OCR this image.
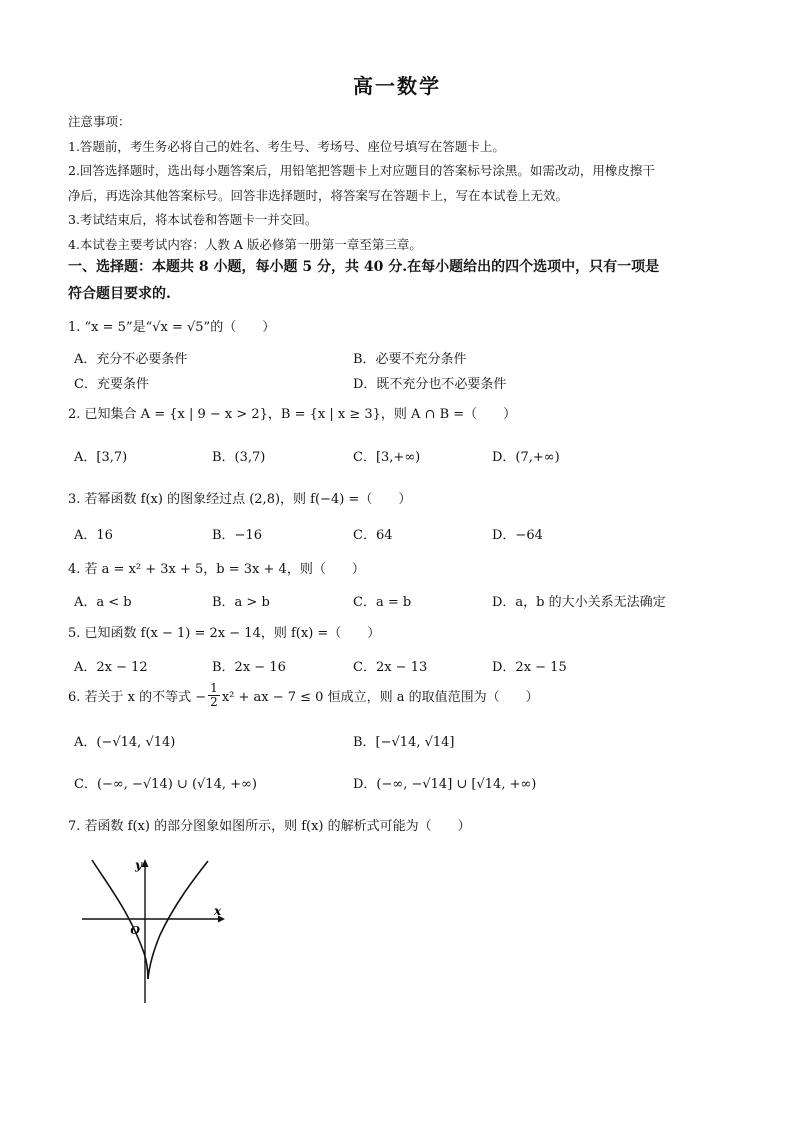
高一数学
注意事项：
1.答题前，考生务必将自己的姓名、考生号、考场号、座位号填写在答题卡上。
2.回答选择题时，选出每小题答案后，用铅笔把答题卡上对应题目的答案标号涂黑。如需改动，用橡皮擦干
净后，再选涂其他答案标号。回答非选择题时，将答案写在答题卡上，写在本试卷上无效。
3.考试结束后，将本试卷和答题卡一并交回。
4.本试卷主要考试内容：人教 A 版必修第一册第一章至第三章。
一、选择题：本题共 8 小题，每小题 5 分，共 40 分.在每小题给出的四个选项中，只有一项是
符合题目要求的.
1. “x = 5”是“√x = √5”的（　　）
A．充分不必要条件	B．必要不充分条件
C．充要条件	D．既不充分也不必要条件
2. 已知集合 A = {x | 9 − x > 2}，B = {x | x ≥ 3}，则 A ∩ B =（　　）
A．[3,7)	B．(3,7)	C．[3,+∞)	D．(7,+∞)
3. 若幂函数 f(x) 的图象经过点 (2,8)，则 f(−4) =（　　）
A．16	B．−16	C．64	D．−64
4. 若 a = x² + 3x + 5，b = 3x + 4，则（　　）
A．a < b	B．a > b	C．a = b	D．a，b 的大小关系无法确定
5. 已知函数 f(x − 1) = 2x − 14，则 f(x) =（　　）
A．2x − 12	B．2x − 16	C．2x − 13	D．2x − 15
6. 若关于 x 的不等式 − $\frac{1}{2} x^2$ + ax − 7 ≤ 0 恒成立，则 a 的取值范围为（　　）
A．(−√14, √14)	B．[−√14, √14]
C．(−∞, −√14) ∪ (√14, +∞)	D．(−∞, −√14] ∪ [√14, +∞)
7. 若函数 f(x) 的部分图象如图所示，则 f(x) 的解析式可能为（　　）
y
x
O
